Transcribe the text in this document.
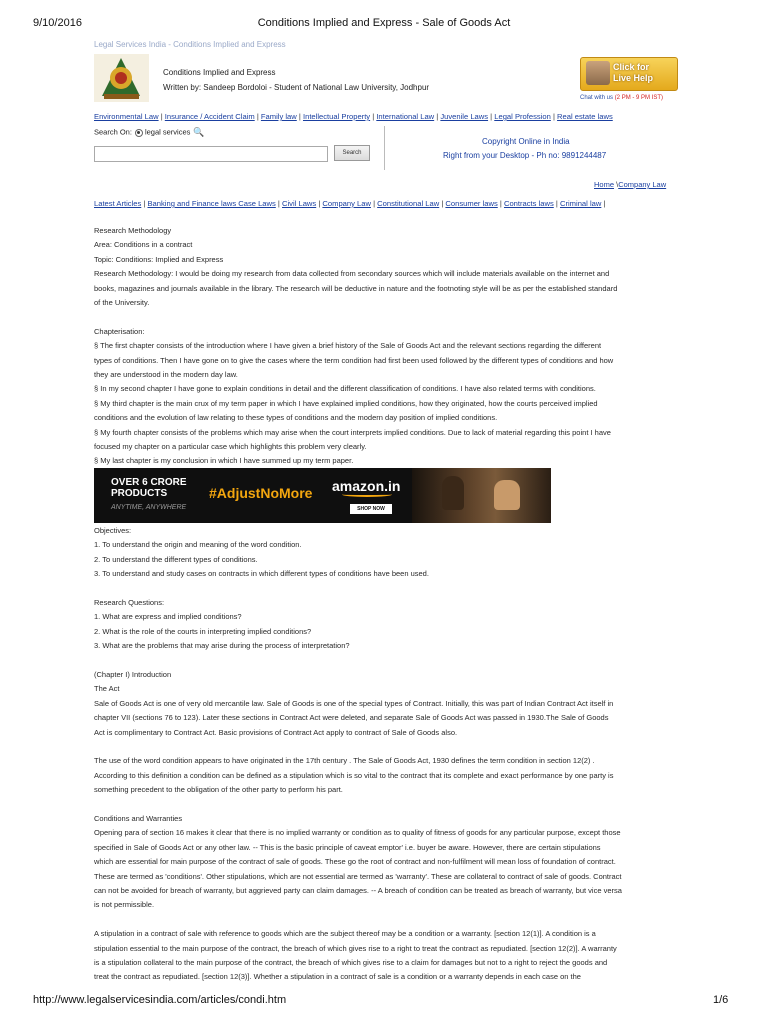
9/10/2016	Conditions Implied and Express - Sale of Goods Act
Legal Services India - Conditions Implied and Express
Conditions Implied and Express
Written by: Sandeep Bordoloi - Student of National Law University, Jodhpur
Click for
Live Help
Chat with us (2 PM - 9 PM IST)
Environmental Law | Insurance / Accident Claim | Family law | Intellectual Property | International Law | Juvenile Laws | Legal Profession | Real estate laws
Search On: legal services 🔍
Search
Copyright Online in India
Right from your Desktop - Ph no: 9891244487
Home \Company Law
Latest Articles | Banking and Finance laws Case Laws | Civil Laws | Company Law | Constitutional Law | Consumer laws | Contracts laws | Criminal law |
Research Methodology
Area: Conditions in a contract
Topic: Conditions: Implied and Express
Research Methodology: I would be doing my research from data collected from secondary sources which will include materials available on the internet and
books, magazines and journals available in the library. The research will be deductive in nature and the footnoting style will be as per the established standard
of the University.
Chapterisation:
§ The first chapter consists of the introduction where I have given a brief history of the Sale of Goods Act and the relevant sections regarding the different
types of conditions. Then I have gone on to give the cases where the term condition had first been used followed by the different types of conditions and how
they are understood in the modern day law.
§ In my second chapter I have gone to explain conditions in detail and the different classification of conditions. I have also related terms with conditions.
§ My third chapter is the main crux of my term paper in which I have explained implied conditions, how they originated, how the courts perceived implied
conditions and the evolution of law relating to these types of conditions and the modern day position of implied conditions.
§ My fourth chapter consists of the problems which may arise when the court interprets implied conditions. Due to lack of material regarding this point I have
focused my chapter on a particular case which highlights this problem very clearly.
§ My last chapter is my conclusion in which I have summed up my term paper.
OVER 6 CRORE
PRODUCTS
ANYTIME, ANYWHERE
#AdjustNoMore amazon.in
SHOP NOW
Objectives:
1. To understand the origin and meaning of the word condition.
2. To understand the different types of conditions.
3. To understand and study cases on contracts in which different types of conditions have been used.
Research Questions:
1. What are express and implied conditions?
2. What is the role of the courts in interpreting implied conditions?
3. What are the problems that may arise during the process of interpretation?
(Chapter I) Introduction
The Act
Sale of Goods Act is one of very old mercantile law. Sale of Goods is one of the special types of Contract. Initially, this was part of Indian Contract Act itself in
chapter VII (sections 76 to 123). Later these sections in Contract Act were deleted, and separate Sale of Goods Act was passed in 1930.The Sale of Goods
Act is complimentary to Contract Act. Basic provisions of Contract Act apply to contract of Sale of Goods also.
The use of the word condition appears to have originated in the 17th century . The Sale of Goods Act, 1930 defines the term condition in section 12(2) .
According to this definition a condition can be defined as a stipulation which is so vital to the contract that its complete and exact performance by one party is
something precedent to the obligation of the other party to perform his part.
Conditions and Warranties
Opening para of section 16 makes it clear that there is no implied warranty or condition as to quality of fitness of goods for any particular purpose, except those
specified in Sale of Goods Act or any other law. -- This is the basic principle of caveat emptor' i.e. buyer be aware. However, there are certain stipulations
which are essential for main purpose of the contract of sale of goods. These go the root of contract and non-fulfilment will mean loss of foundation of contract.
These are termed as 'conditions'. Other stipulations, which are not essential are termed as 'warranty'. These are collateral to contract of sale of goods. Contract
can not be avoided for breach of warranty, but aggrieved party can claim damages. -- A breach of condition can be treated as breach of warranty, but vice versa
is not permissible.
A stipulation in a contract of sale with reference to goods which are the subject thereof may be a condition or a warranty. [section 12(1)]. A condition is a
stipulation essential to the main purpose of the contract, the breach of which gives rise to a right to treat the contract as repudiated. [section 12(2)]. A warranty
is a stipulation collateral to the main purpose of the contract, the breach of which gives rise to a claim for damages but not to a right to reject the goods and
treat the contract as repudiated. [section 12(3)]. Whether a stipulation in a contract of sale is a condition or a warranty depends in each case on the
http://www.legalservicesindia.com/articles/condi.htm	1/6
